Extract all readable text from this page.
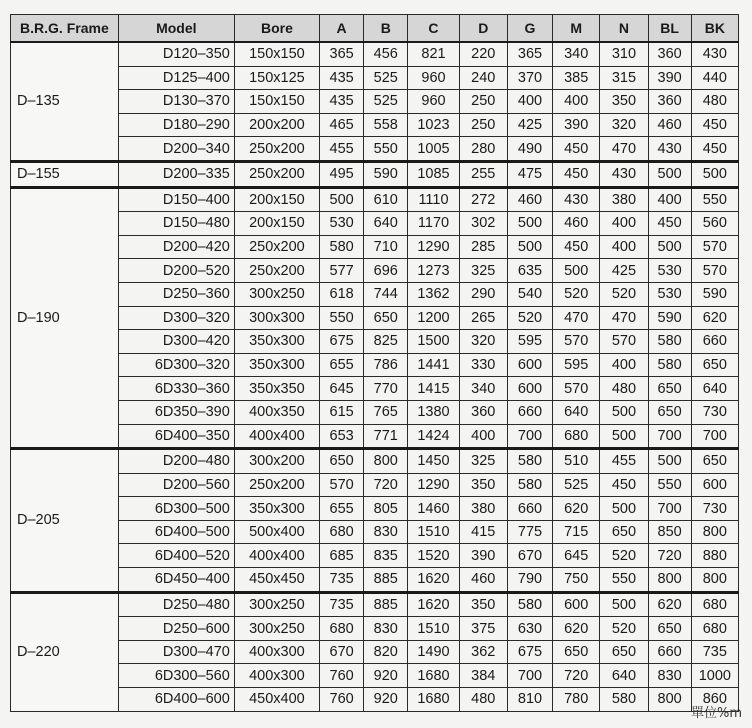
B.R.G. Frame	Model	Bore	A	B	C	D	G	M	N	BL	BK
D–135	D120–350	150x150	365	456	821	220	365	340	310	360	430
	D125–400	150x125	435	525	960	240	370	385	315	390	440
	D130–370	150x150	435	525	960	250	400	400	350	360	480
	D180–290	200x200	465	558	1023	250	425	390	320	460	450
	D200–340	250x200	455	550	1005	280	490	450	470	430	450
D–155	D200–335	250x200	495	590	1085	255	475	450	430	500	500
D–190	D150–400	200x150	500	610	1110	272	460	430	380	400	550
	D150–480	200x150	530	640	1170	302	500	460	400	450	560
	D200–420	250x200	580	710	1290	285	500	450	400	500	570
	D200–520	250x200	577	696	1273	325	635	500	425	530	570
	D250–360	300x250	618	744	1362	290	540	520	520	530	590
	D300–320	300x300	550	650	1200	265	520	470	470	590	620
	D300–420	350x300	675	825	1500	320	595	570	570	580	660
	6D300–320	350x300	655	786	1441	330	600	595	400	580	650
	6D330–360	350x350	645	770	1415	340	600	570	480	650	640
	6D350–390	400x350	615	765	1380	360	660	640	500	650	730
	6D400–350	400x400	653	771	1424	400	700	680	500	700	700
D–205	D200–480	300x200	650	800	1450	325	580	510	455	500	650
	D200–560	250x200	570	720	1290	350	580	525	450	550	600
	6D300–500	350x300	655	805	1460	380	660	620	500	700	730
	6D400–500	500x400	680	830	1510	415	775	715	650	850	800
	6D400–520	400x400	685	835	1520	390	670	645	520	720	880
	6D450–400	450x450	735	885	1620	460	790	750	550	800	800
D–220	D250–480	300x250	735	885	1620	350	580	600	500	620	680
	D250–600	300x250	680	830	1510	375	630	620	520	650	680
	D300–470	400x300	670	820	1490	362	675	650	650	660	735
	6D300–560	400x300	760	920	1680	384	700	720	640	830	1000
	6D400–600	450x400	760	920	1680	480	810	780	580	800	860
單位%m
